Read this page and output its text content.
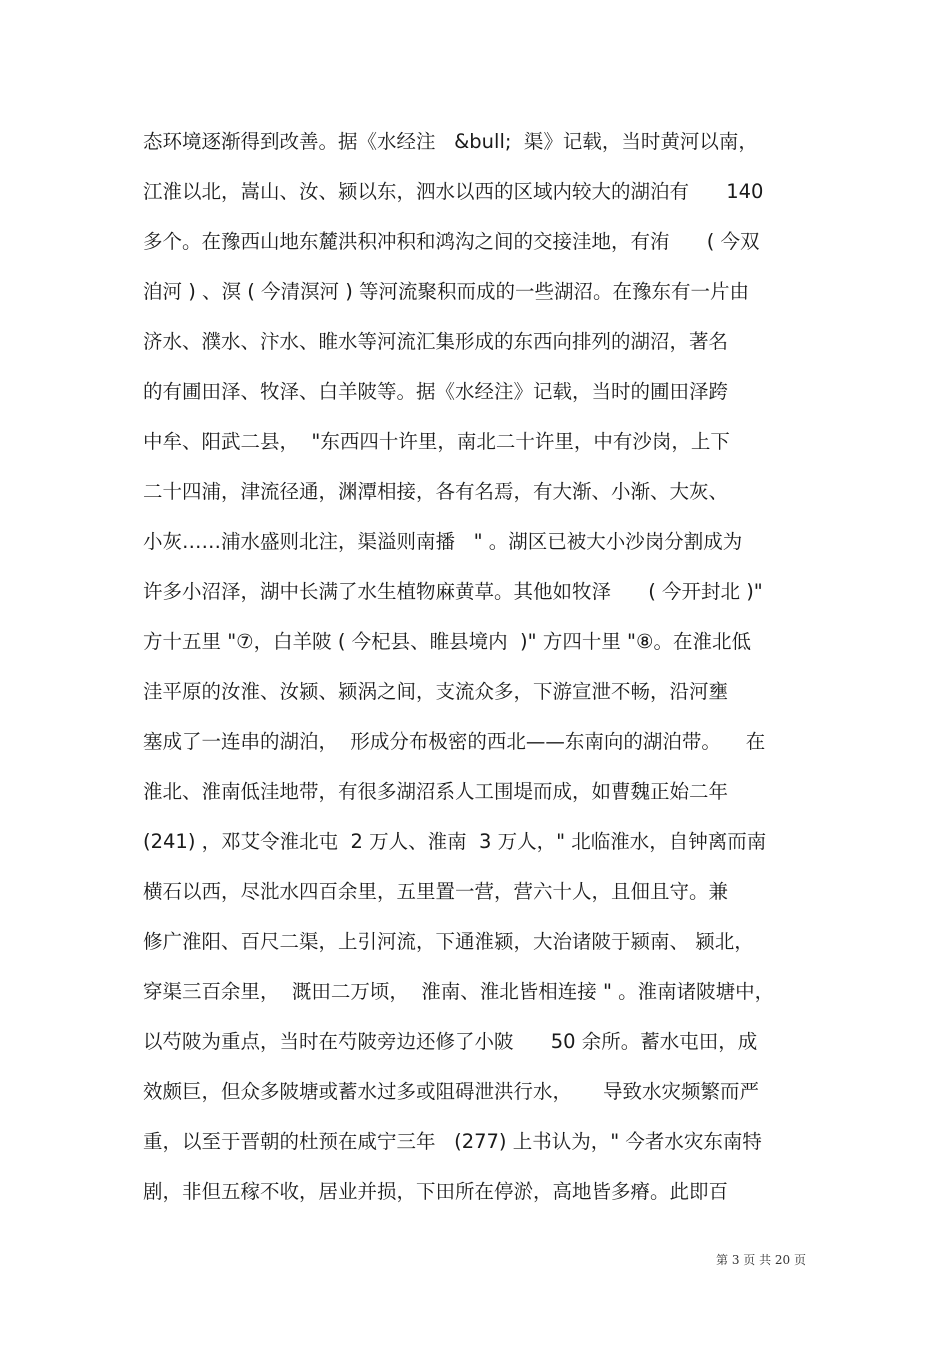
态环境逐渐得到改善。据《水经注   &bull;  渠》记载，当时黄河以南，
江淮以北，嵩山、汝、颍以东，泗水以西的区域内较大的湖泊有      140
多个。在豫西山地东麓洪积冲积和鸿沟之间的交接洼地，有洧      ( 今双
洎河 ) 、溟 ( 今清溟河 ) 等河流聚积而成的一些湖沼。在豫东有一片由
济水、濮水、汴水、睢水等河流汇集形成的东西向排列的湖沼，著名
的有圃田泽、牧泽、白羊陂等。据《水经注》记载，当时的圃田泽跨
中牟、阳武二县，  "东西四十许里，南北二十许里，中有沙岗，上下
二十四浦，津流径通，渊潭相接，各有名焉，有大渐、小渐、大灰、
小灰……浦水盛则北注，渠溢则南播   " 。湖区已被大小沙岗分割成为
许多小沼泽，湖中长满了水生植物麻黄草。其他如牧泽      ( 今开封北 )"
方十五里 "⑦，白羊陂 ( 今杞县、睢县境内  )" 方四十里 "⑧。在淮北低
洼平原的汝淮、汝颍、颍涡之间，支流众多，下游宣泄不畅，沿河壅
塞成了一连串的湖泊，  形成分布极密的西北——东南向的湖泊带。    在
淮北、淮南低洼地带，有很多湖沼系人工围堤而成，如曹魏正始二年
(241) ，邓艾令淮北屯  2 万人、淮南  3 万人，" 北临淮水，自钟离而南
横石以西，尽沘水四百余里，五里置一营，营六十人，且佃且守。兼
修广淮阳、百尺二渠，上引河流，下通淮颍，大治诸陂于颍南、 颍北，
穿渠三百余里，  溉田二万顷，  淮南、淮北皆相连接 " 。淮南诸陂塘中，
以芍陂为重点，当时在芍陂旁边还修了小陂      50 余所。蓄水屯田，成
效颇巨，但众多陂塘或蓄水过多或阻碍泄洪行水，     导致水灾频繁而严
重，以至于晋朝的杜预在咸宁三年   (277) 上书认为，" 今者水灾东南特
剧，非但五稼不收，居业并损，下田所在停淤，高地皆多瘠。此即百
第 3 页 共 20 页
